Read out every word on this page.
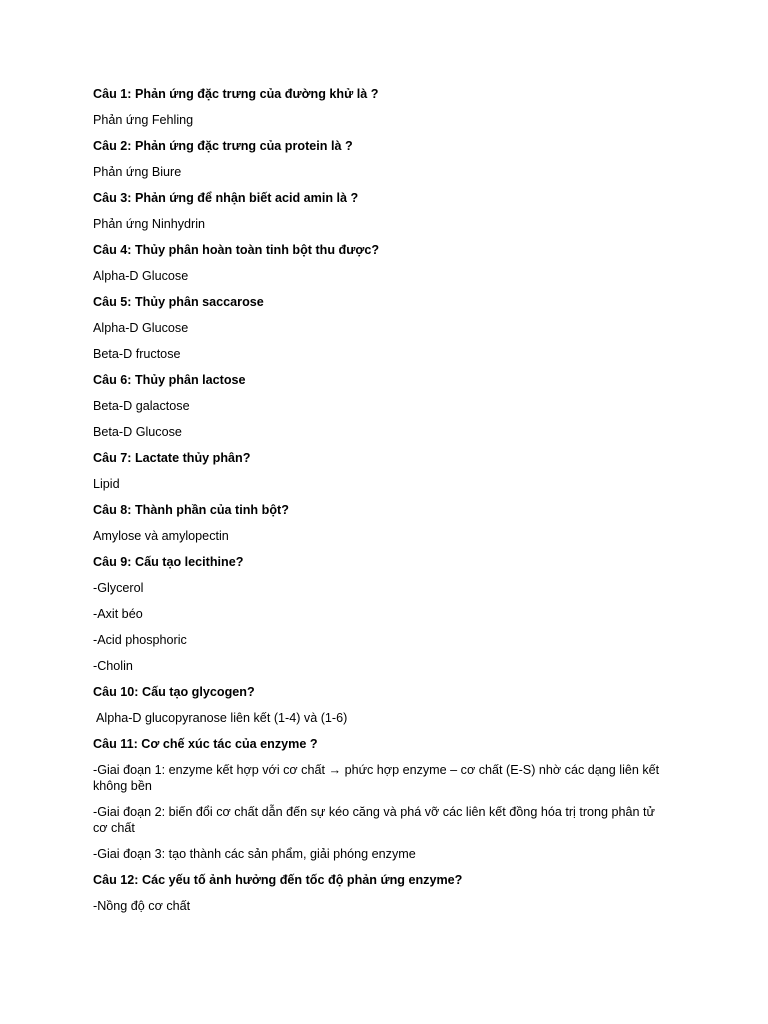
Câu 1: Phản ứng đặc trưng của đường khử là ?
Phản ứng Fehling
Câu 2: Phản ứng đặc trưng của protein là ?
Phản ứng Biure
Câu 3: Phản ứng để nhận biết acid amin là ?
Phản ứng Ninhydrin
Câu 4: Thủy phân hoàn toàn tinh bột thu được?
Alpha-D Glucose
Câu 5: Thủy phân saccarose
Alpha-D Glucose
Beta-D fructose
Câu 6: Thủy phân lactose
Beta-D galactose
Beta-D Glucose
Câu 7: Lactate thủy phân?
Lipid
Câu 8: Thành phần của tinh bột?
Amylose và amylopectin
Câu 9: Cấu tạo lecithine?
-Glycerol
-Axit béo
-Acid phosphoric
-Cholin
Câu 10: Cấu tạo glycogen?
Alpha-D glucopyranose liên kết (1-4) và (1-6)
Câu 11: Cơ chế xúc tác của enzyme ?
-Giai đoạn 1: enzyme kết hợp với cơ chất → phức hợp enzyme – cơ chất (E-S) nhờ các dạng liên kết không bền
-Giai đoạn 2: biến đổi cơ chất dẫn đến sự kéo căng và phá vỡ các liên kết đồng hóa trị trong phân tử cơ chất
-Giai đoạn 3: tạo thành các sản phẩm, giải phóng enzyme
Câu 12: Các yếu tố ảnh hưởng đến tốc độ phản ứng enzyme?
-Nồng độ cơ chất
